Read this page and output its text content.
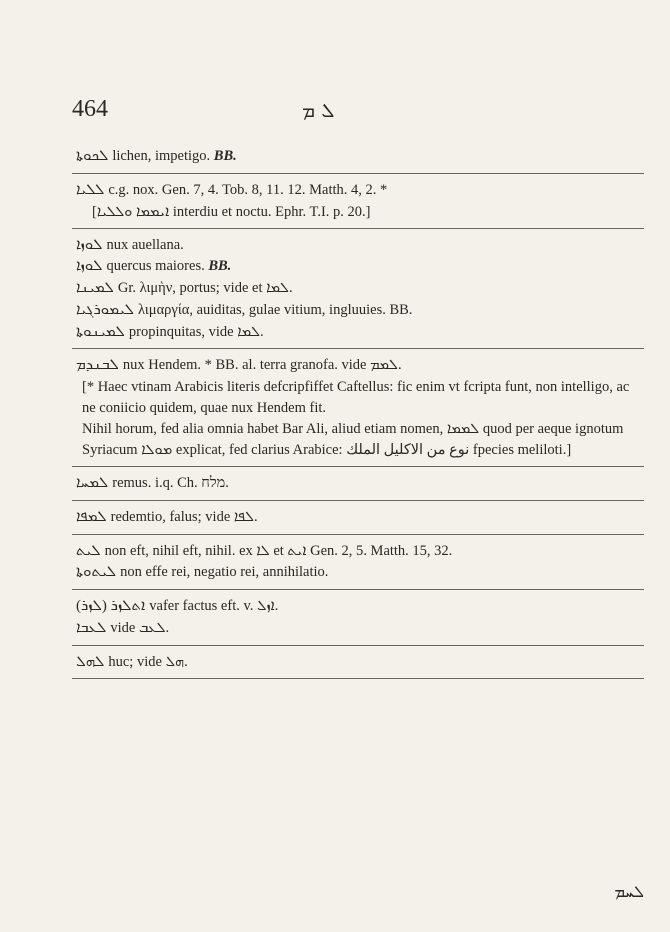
464	ܠ ܡ
ܠܟܘܬܐ lichen, impetigo. BB.
ܠܠܝܐ c.g. nox. Gen. 7, 4. Tob. 8, 11. 12. Matth. 4, 2. *
[ܐܝܡܡܐ ܘܠܠܝܐ interdiu et noctu. Ephr. T.I. p. 20.]
ܠܘܙܐ nux auellana.
ܠܘܙܐ quercus maiores. BB.
ܠܡܝܢܐ Gr. λιμὴν, portus; vide et ܠܡܐ.
ܠܝܡܘܪܓܝܐ λιμαργία, auiditas, gulae vitium, ingluuies. BB.
ܠܡܝܢܘܬܐ propinquitas, vide ܠܡܐ.
ܠܒܢܕܡ nux Hendem. * BB. al. terra granofa. vide ܠܡܡ.
[* Haec vtinam Arabicis literis defcripfiffet Caftellus: fic enim vt fcripta funt, non intelligo, ac ne coniicio quidem, quae nux Hendem fit.
Nihil horum, fed alia omnia habet Bar Ali, aliud etiam nomen, ܠܡܡܐ quod per aeque ignotum Syriacum ܡܘܠܐ explicat, fed clarius Arabice: نوع من الاكليل الملك fpecies meliloti.]
ܠܡܚܐ remus. i.q. Ch. מלח.
ܠܡܦܐ redemtio, falus; vide ܠܦܐ.
ܠܝܬ non eft, nihil eft, nihil. ex ܠܐ et ܐܝܬ Gen. 2, 5. Matth. 15, 32.
ܠܝܬܘܬܐ non effe rei, negatio rei, annihilatio.
(ܠܙܪ) ܐܬܠܙܪ vafer factus eft. v. ܐܙܠ.
ܠܥܒܐ vide ܠܥܒ.
ܠܗܠ huc; vide ܗܠ.
ܠܚܡ
